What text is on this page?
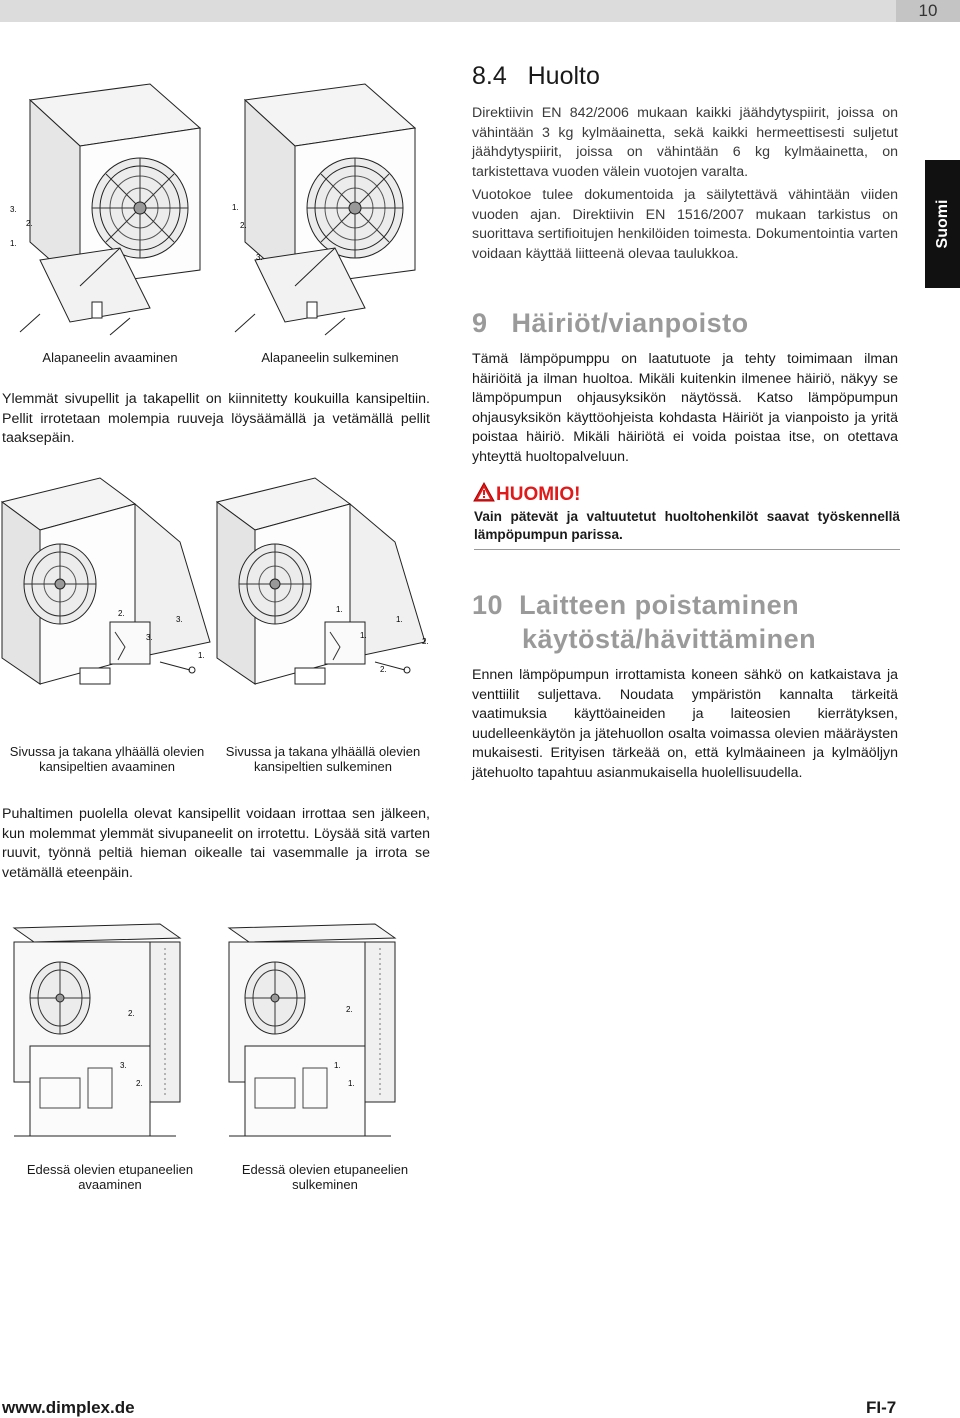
10
Suomi
3.
1.
2.
1.
2.
3.
Alapaneelin avaaminen	Alapaneelin sulkeminen
Ylemmät sivupellit ja takapellit on kiinnitetty koukuilla kansipeltiin. Pellit irrotetaan molempia ruuveja löysäämällä ja vetämällä pellit taaksepäin.
2.
3.
3.
1.
1.
1.
2.
1.
2.
Sivussa ja takana ylhäällä olevien
kansipeltien avaaminen
Sivussa ja takana ylhäällä olevien
kansipeltien sulkeminen
Puhaltimen puolella olevat kansipellit voidaan irrottaa sen jälkeen, kun molemmat ylemmät sivupaneelit on irrotettu. Löysää sitä varten ruuvit, työnnä peltiä hieman oikealle tai vasemmalle ja irrota se vetämällä eteenpäin.
2.
3.
2.
2.
1.
1.
Edessä olevien etupaneelien
avaaminen
Edessä olevien etupaneelien
sulkeminen
8.4 Huolto
Direktiivin EN 842/2006 mukaan kaikki jäähdytyspiirit, joissa on vähintään 3 kg kylmäainetta, sekä kaikki hermeettisesti suljetut jäähdytyspiirit, joissa on vähintään 6 kg kylmäainetta, on tarkistettava vuoden välein vuotojen varalta.
Vuotokoe tulee dokumentoida ja säilytettävä vähintään viiden vuoden ajan. Direktiivin EN 1516/2007 mukaan tarkistus on suorittava sertifioitujen henkilöiden toimesta. Dokumentointia varten voidaan käyttää liitteenä olevaa taulukkoa.
9 Häiriöt/vianpoisto
Tämä lämpöpumppu on laatutuote ja tehty toimimaan ilman häiriöitä ja ilman huoltoa. Mikäli kuitenkin ilmenee häiriö, näkyy se lämpöpumpun ohjausyksikön näytössä. Katso lämpöpumpun ohjausyksikön käyttöohjeista kohdasta Häiriöt ja vianpoisto ja yritä poistaa häiriö. Mikäli häiriötä ei voida poistaa itse, on otettava yhteyttä huoltopalveluun.
HUOMIO!
Vain pätevät ja valtuutetut huoltohenkilöt saavat työskennellä lämpöpumpun parissa.
10 Laitteen poistaminen
käytöstä/hävittäminen
Ennen lämpöpumpun irrottamista koneen sähkö on katkaistava ja venttiilit suljettava. Noudata ympäristön kannalta tärkeitä vaatimuksia käyttöaineiden ja laiteosien kierrätyksen, uudelleenkäytön ja jätehuollon osalta voimassa olevien määräysten mukaisesti. Erityisen tärkeää on, että kylmäaineen ja kylmäöljyn jätehuolto tapahtuu asianmukaisella huolellisuudella.
www.dimplex.de	FI-7
